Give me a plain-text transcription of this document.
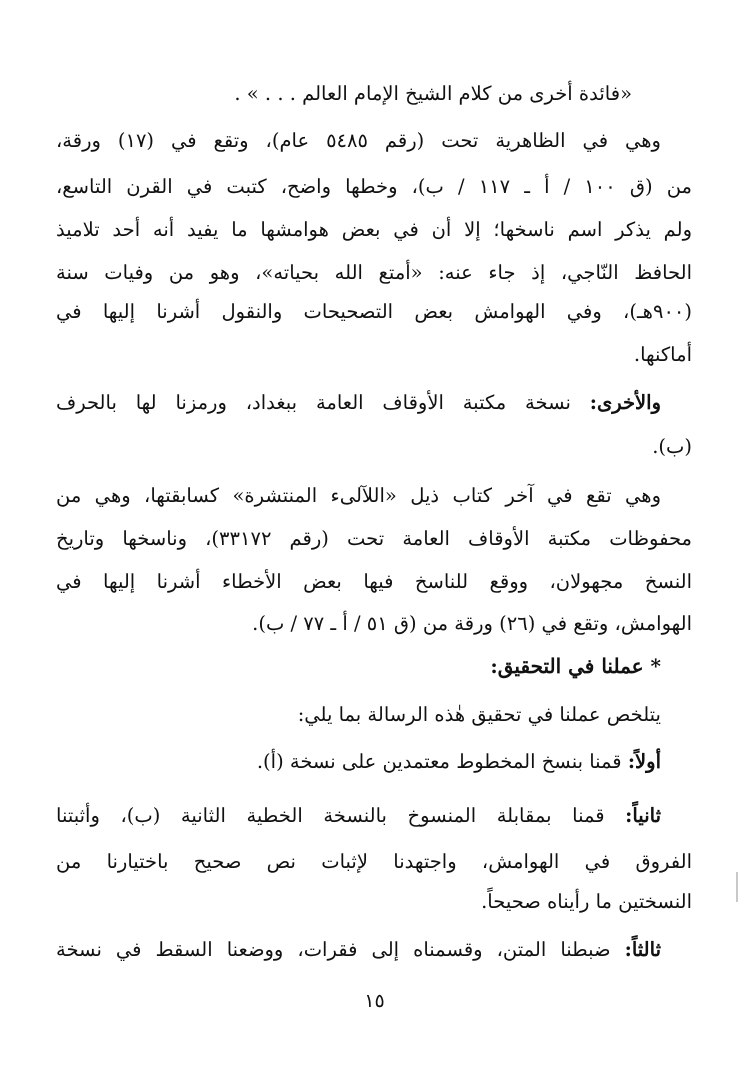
«فائدة أخرى من كلام الشيخ الإمام العالم . . . » .
وهي في الظاهرية تحت (رقم ٥٤٨٥ عام)، وتقع في (١٧) ورقة،
من (ق ١٠٠ / أ ـ ١١٧ / ب)، وخطها واضح، كتبت في القرن التاسع،
ولم يذكر اسم ناسخها؛ إلا أن في بعض هوامشها ما يفيد أنه أحد تلاميذ
الحافظ النّاجي، إذ جاء عنه: «أمتع الله بحياته»، وهو من وفيات سنة
(٩٠٠هـ)، وفي الهوامش بعض التصحيحات والنقول أشرنا إليها في
أماكنها.
والأخرى: نسخة مكتبة الأوقاف العامة ببغداد، ورمزنا لها بالحرف
(ب).
وهي تقع في آخر كتاب ذيل «اللآلىء المنتشرة» كسابقتها، وهي من
محفوظات مكتبة الأوقاف العامة تحت (رقم ٣٣١٧٢)، وناسخها وتاريخ
النسخ مجهولان، ووقع للناسخ فيها بعض الأخطاء أشرنا إليها في
الهوامش، وتقع في (٢٦) ورقة من (ق ٥١ / أ ـ ٧٧ / ب).
* عملنا في التحقيق:
يتلخص عملنا في تحقيق هٰذه الرسالة بما يلي:
أولاً: قمنا بنسخ المخطوط معتمدين على نسخة (أ).
ثانياً: قمنا بمقابلة المنسوخ بالنسخة الخطية الثانية (ب)، وأثبتنا
الفروق في الهوامش، واجتهدنا لإثبات نص صحيح باختيارنا من
النسختين ما رأيناه صحيحاً.
ثالثاً: ضبطنا المتن، وقسمناه إلى فقرات، ووضعنا السقط في نسخة
١٥
